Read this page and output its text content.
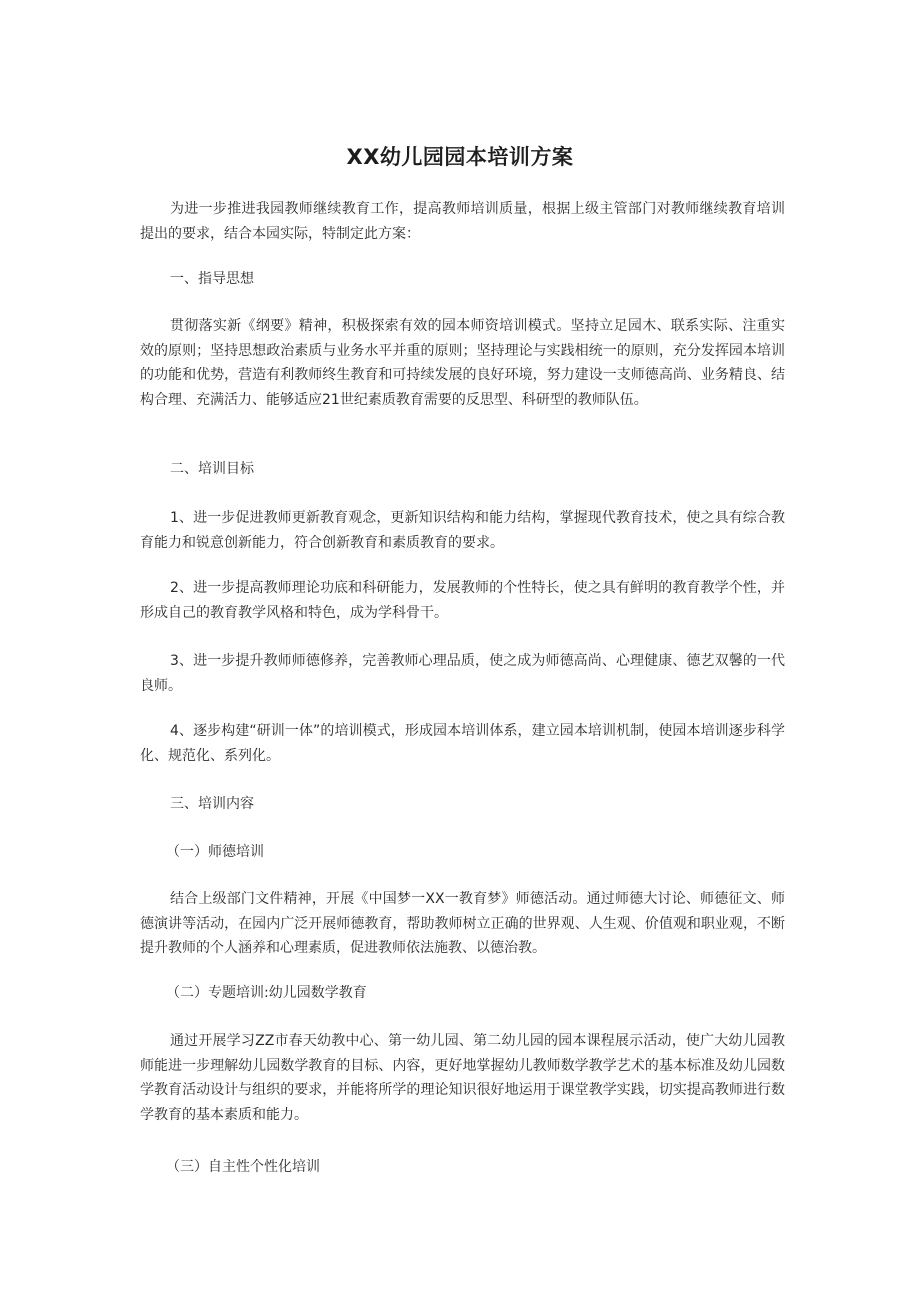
XX幼儿园园本培训方案
为进一步推进我园教师继续教育工作，提高教师培训质量，根据上级主管部门对教师继续教育培训提出的要求，结合本园实际，特制定此方案：
一、指导思想
贯彻落实新《纲要》精神，积极探索有效的园本师资培训模式。坚持立足园木、联系实际、注重实效的原则；坚持思想政治素质与业务水平并重的原则；坚持理论与实践相统一的原则，充分发挥园本培训的功能和优势，营造有利教师终生教育和可持续发展的良好环境，努力建设一支师德高尚、业务精良、结构合理、充满活力、能够适应21世纪素质教育需要的反思型、科研型的教师队伍。
二、培训目标
1、进一步促进教师更新教育观念，更新知识结构和能力结构，掌握现代教育技术，使之具有综合教育能力和锐意创新能力，符合创新教育和素质教育的要求。
2、进一步提高教师理论功底和科研能力，发展教师的个性特长，使之具有鲜明的教育教学个性，并形成自己的教育教学风格和特色，成为学科骨干。
3、进一步提升教师师德修养，完善教师心理品质，使之成为师德高尚、心理健康、德艺双馨的一代良师。
4、逐步构建“研训一体”的培训模式，形成园本培训体系，建立园本培训机制，使园本培训逐步科学化、规范化、系列化。
三、培训内容
（一）师德培训
结合上级部门文件精神，开展《中国梦一XX一教育梦》师德活动。通过师德大讨论、师德征文、师德演讲等活动，在园内广泛开展师德教育，帮助教师树立正确的世界观、人生观、价值观和职业观，不断提升教师的个人涵养和心理素质，促进教师依法施教、以德治教。
（二）专题培训:幼儿园数学教育
通过开展学习ZZ市春天幼教中心、第一幼儿园、第二幼儿园的园本课程展示活动，使广大幼儿园教师能进一步理解幼儿园数学教育的目标、内容，更好地掌握幼儿教师数学教学艺术的基本标准及幼儿园数学教育活动设计与组织的要求，并能将所学的理论知识很好地运用于课堂教学实践，切实提高教师进行数学教育的基本素质和能力。
（三）自主性个性化培训
